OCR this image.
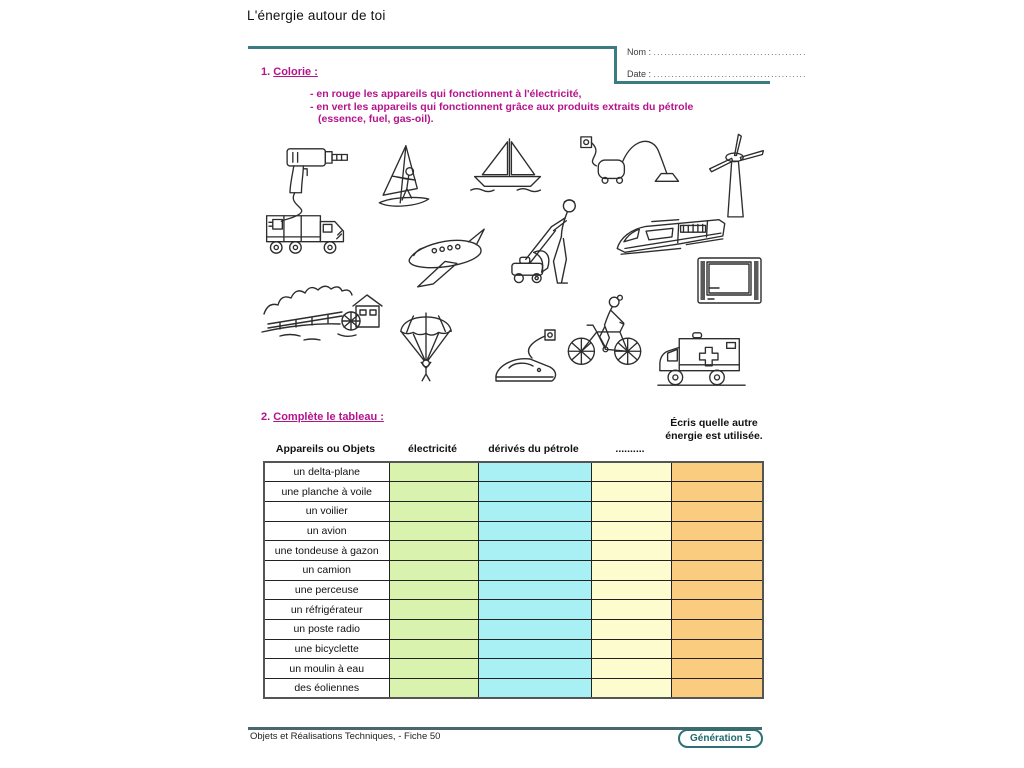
L'énergie autour de toi
Nom : ...........................................
Date : ...........................................
1. Colorie :
- en rouge les appareils qui fonctionnent à l'électricité,
- en vert les appareils qui fonctionnent grâce aux produits extraits du pétrole
(essence, fuel, gas-oil).
2. Complète le tableau :
Appareils ou Objets	électricité	dérivés du pétrole	..........
Écris quelle autre énergie est utilisée.
un delta-plane				
une planche à voile				
un voilier				
un avion				
une tondeuse à gazon				
un camion				
une perceuse				
un réfrigérateur				
un poste radio				
une bicyclette				
un moulin à eau				
des éoliennes				
Objets et Réalisations Techniques, - Fiche 50	Génération 5
